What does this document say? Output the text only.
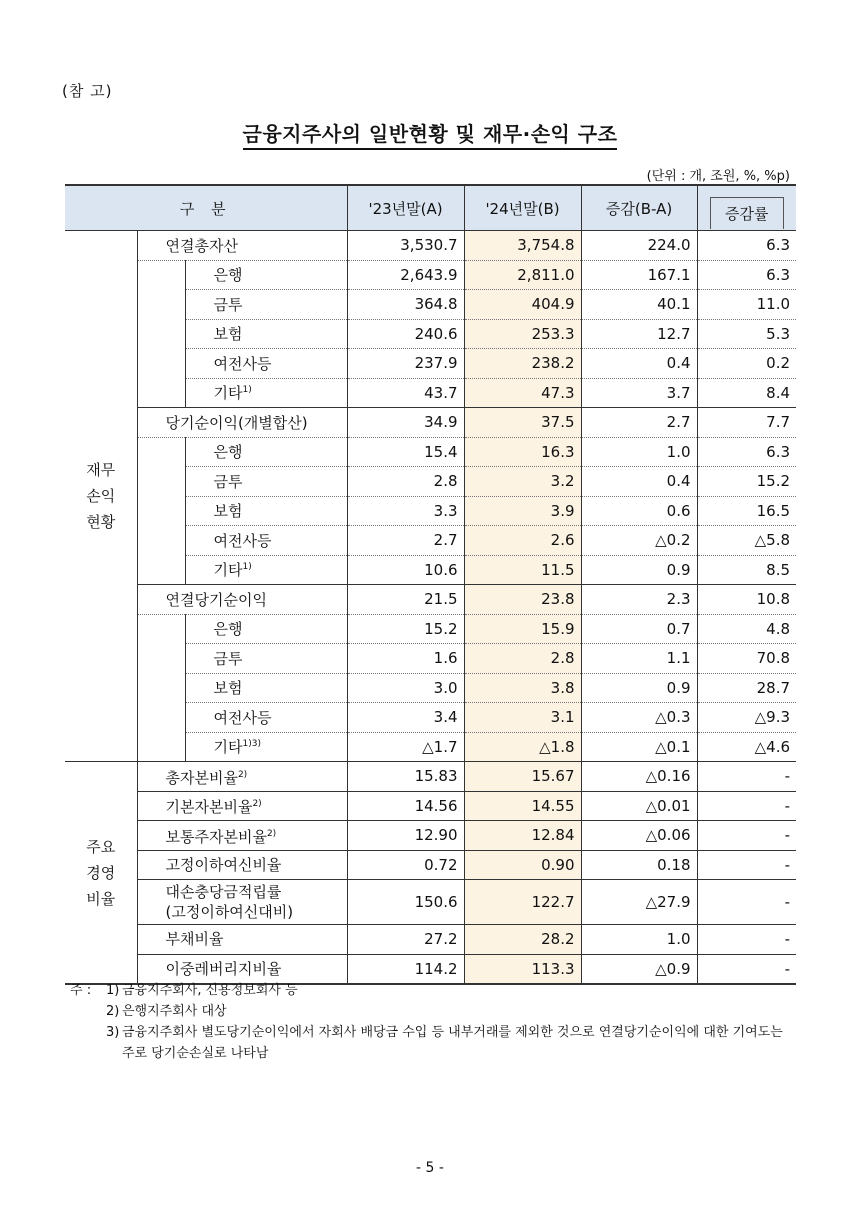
(참 고)
금융지주사의 일반현황 및 재무·손익 구조
(단위 : 개, 조원, %, %p)
구 분			'23년말(A)	'24년말(B)	증감(B-A)	증감률
재무 손익 현황	연결총자산		3,530.7	3,754.8	224.0	6.3
		은행	2,643.9	2,811.0	167.1	6.3
		금투	364.8	404.9	40.1	11.0
		보험	240.6	253.3	12.7	5.3
		여전사등	237.9	238.2	0.4	0.2
		기타$^{1)}$	43.7	47.3	3.7	8.4
	당기순이익(개별합산)		34.9	37.5	2.7	7.7
		은행	15.4	16.3	1.0	6.3
		금투	2.8	3.2	0.4	15.2
		보험	3.3	3.9	0.6	16.5
		여전사등	2.7	2.6	△0.2	△5.8
		기타$^{1)}$	10.6	11.5	0.9	8.5
	연결당기순이익		21.5	23.8	2.3	10.8
		은행	15.2	15.9	0.7	4.8
		금투	1.6	2.8	1.1	70.8
		보험	3.0	3.8	0.9	28.7
		여전사등	3.4	3.1	△0.3	△9.3
		기타$^{1)3)}$	△1.7	△1.8	△0.1	△4.6
주요 경영 비율	총자본비율$^{2)}$		15.83	15.67	△0.16	-
	기본자본비율$^{2)}$		14.56	14.55	△0.01	-
	보통주자본비율$^{2)}$		12.90	12.84	△0.06	-
	고정이하여신비율		0.72	0.90	0.18	-
	대손충당금적립률
(고정이하여신대비)		150.6	122.7	△27.9	-
	부채비율		27.2	28.2	1.0	-
	이중레버리지비율		114.2	113.3	△0.9	-
주 :	1) 금융지주회사, 신용정보회사 등
2) 은행지주회사 대상
3) 금융지주회사 별도당기순이익에서 자회사 배당금 수입 등 내부거래를 제외한 것으로 연결당기순이익에 대한 기여도는 주로 당기순손실로 나타남
- 5 -
